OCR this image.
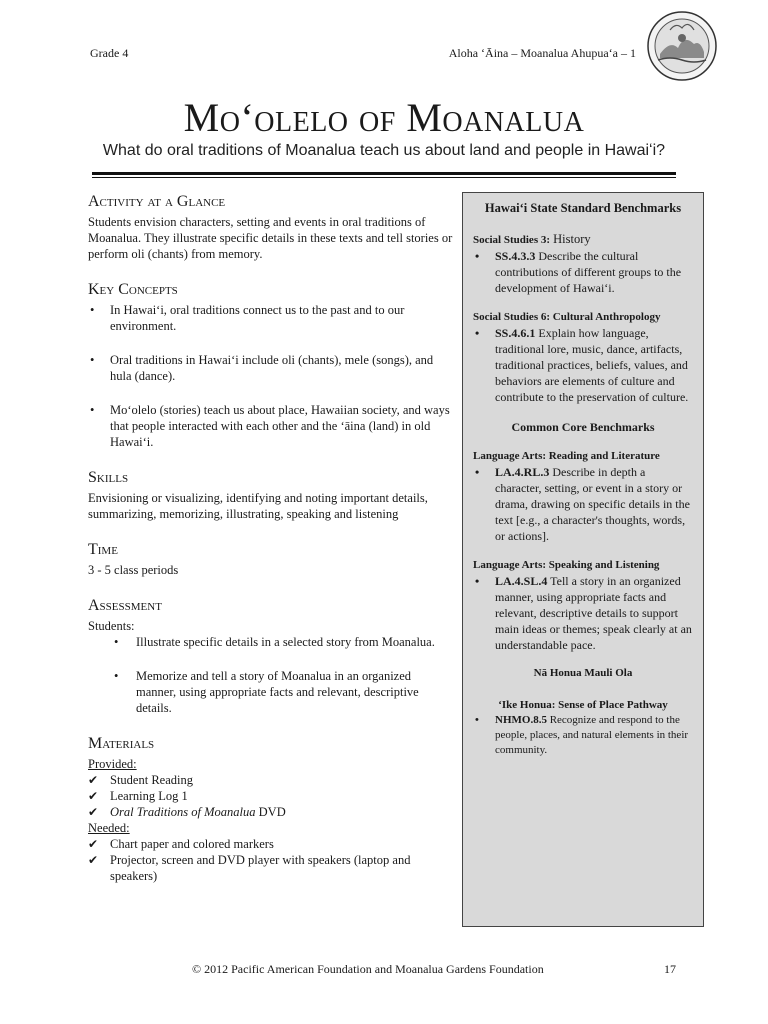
Grade 4	Aloha ʻĀina – Moanalua Ahupuaʻa – 1
Moʻolelo of Moanalua
What do oral traditions of Moanalua teach us about land and people in Hawaiʻi?
Activity at a Glance

Students envision characters, setting and events in oral traditions of Moanalua. They illustrate specific details in these texts and tell stories or perform oli (chants) from memory.

Key Concepts
• In Hawaiʻi, oral traditions connect us to the past and to our environment.
• Oral traditions in Hawaiʻi include oli (chants), mele (songs), and hula (dance).
• Moʻolelo (stories) teach us about place, Hawaiian society, and ways that people interacted with each other and the ʻāina (land) in old Hawaiʻi.
Skills

Envisioning or visualizing, identifying and noting important details, summarizing, memorizing, illustrating, speaking and listening

Time

3 - 5 class periods

Assessment

Students:

• Illustrate specific details in a selected story from Moanalua.
• Memorize and tell a story of Moanalua in an organized manner, using appropriate facts and relevant, descriptive details.
Materials

Provided:

✔ Student Reading
✔ Learning Log 1
✔ Oral Traditions of Moanalua DVD

Needed:

✔ Chart paper and colored markers
✔ Projector, screen and DVD player with speakers (laptop and speakers)

Hawaiʻi State Standard Benchmarks

Social Studies 3: History

• SS.4.3.3 Describe the cultural contributions of different groups to the development of Hawaiʻi.

Social Studies 6: Cultural Anthropology

• SS.4.6.1 Explain how language, traditional lore, music, dance, artifacts, traditional practices, beliefs, values, and behaviors are elements of culture and contribute to the preservation of culture.

Common Core Benchmarks

Language Arts: Reading and Literature

• LA.4.RL.3 Describe in depth a character, setting, or event in a story or drama, drawing on specific details in the text [e.g., a character's thoughts, words, or actions].

Language Arts: Speaking and Listening

• LA.4.SL.4 Tell a story in an organized manner, using appropriate facts and relevant, descriptive details to support main ideas or themes; speak clearly at an understandable pace.

Nā Honua Mauli Ola

ʻIke Honua: Sense of Place Pathway

• NHMO.8.5 Recognize and respond to the people, places, and natural elements in their community.
© 2012 Pacific American Foundation and Moanalua Gardens Foundation	17
